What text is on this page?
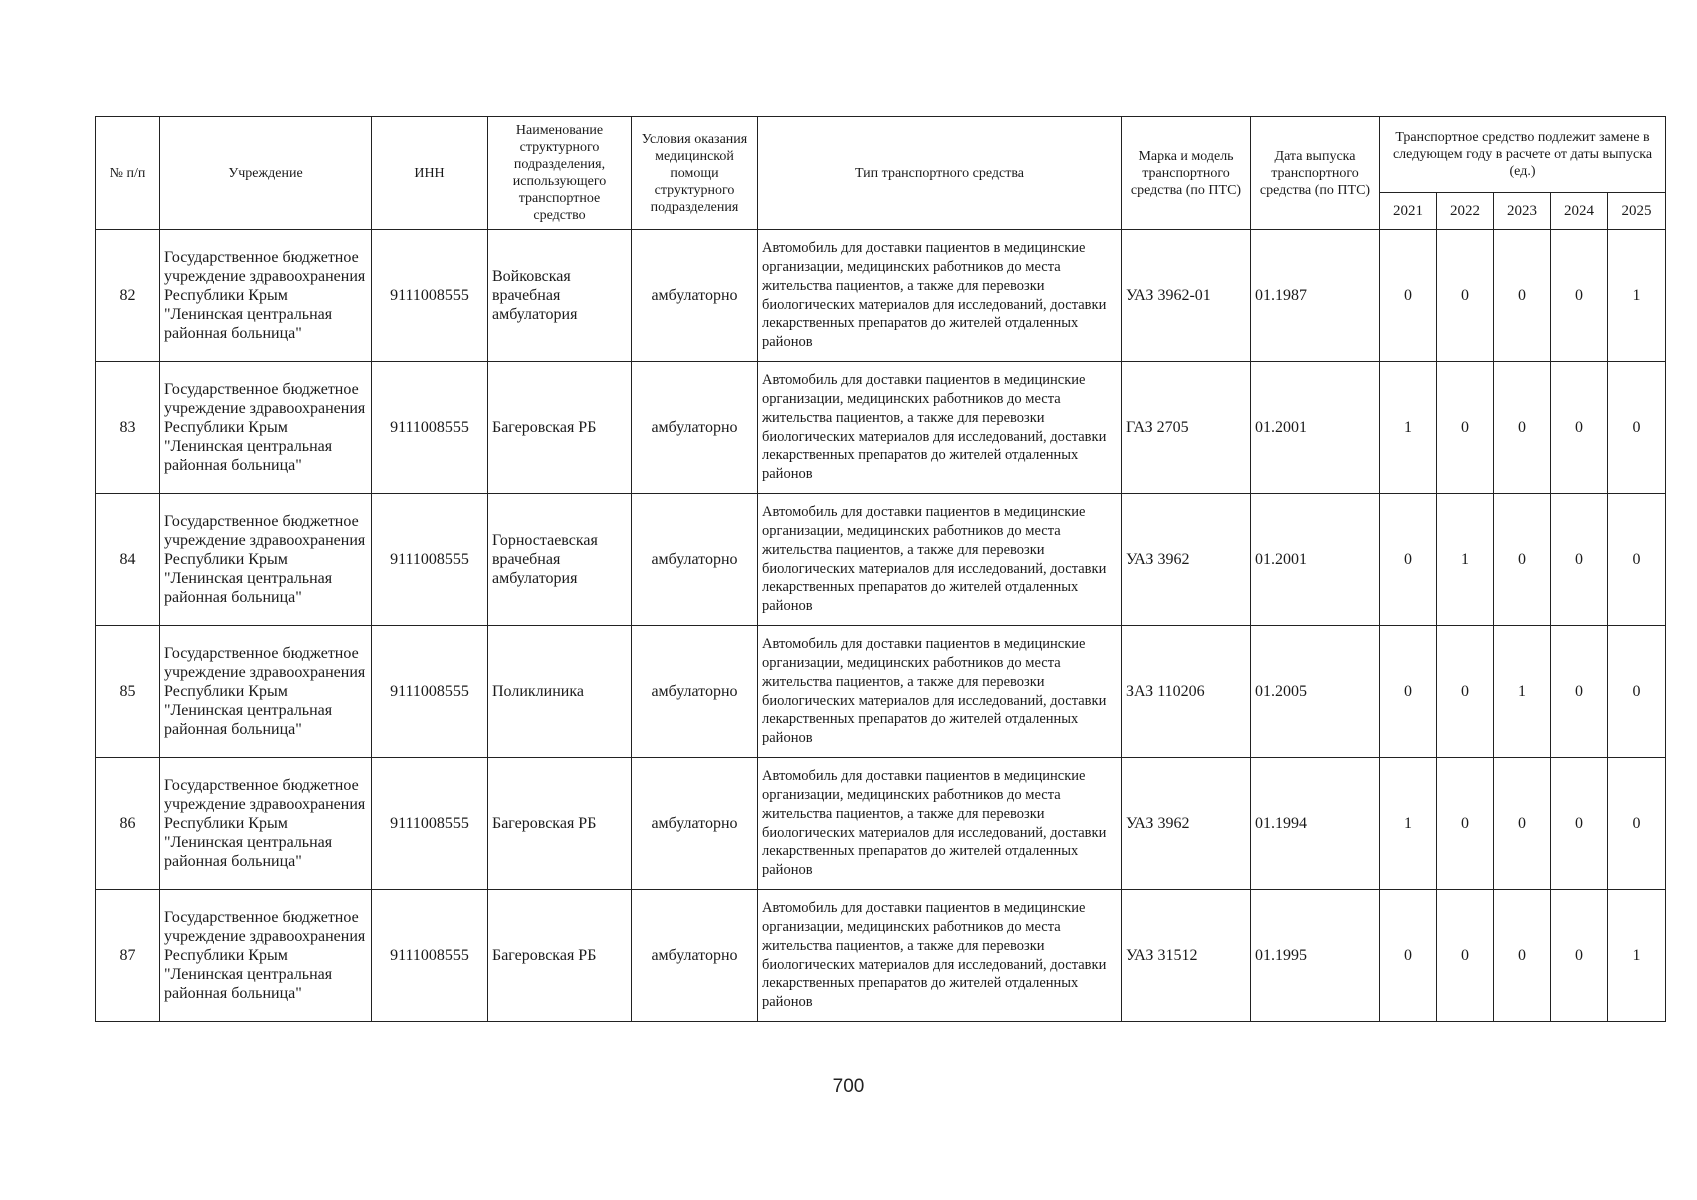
№ п/п	Учреждение	ИНН	Наименование структурного подразделения, использующего транспортное средство	Условия оказания медицинской помощи структурного подразделения	Тип транспортного средства	Марка и модель транспортного средства (по ПТС)	Дата выпуска транспортного средства (по ПТС)	Транспортное средство подлежит замене в следующем году в расчете от даты выпуска (ед.)				
								2021	2022	2023	2024	2025
82	Государственное бюджетное учреждение здравоохранения Республики Крым "Ленинская центральная районная больница"	9111008555	Войковская врачебная амбулатория	амбулаторно	Автомобиль для доставки пациентов в медицинские организации, медицинских работников до места жительства пациентов, а также для перевозки биологических материалов для исследований, доставки лекарственных препаратов до жителей отдаленных районов	УАЗ 3962-01	01.1987	0	0	0	0	1
83	Государственное бюджетное учреждение здравоохранения Республики Крым "Ленинская центральная районная больница"	9111008555	Багеровская РБ	амбулаторно	Автомобиль для доставки пациентов в медицинские организации, медицинских работников до места жительства пациентов, а также для перевозки биологических материалов для исследований, доставки лекарственных препаратов до жителей отдаленных районов	ГАЗ 2705	01.2001	1	0	0	0	0
84	Государственное бюджетное учреждение здравоохранения Республики Крым "Ленинская центральная районная больница"	9111008555	Горностаевская врачебная амбулатория	амбулаторно	Автомобиль для доставки пациентов в медицинские организации, медицинских работников до места жительства пациентов, а также для перевозки биологических материалов для исследований, доставки лекарственных препаратов до жителей отдаленных районов	УАЗ 3962	01.2001	0	1	0	0	0
85	Государственное бюджетное учреждение здравоохранения Республики Крым "Ленинская центральная районная больница"	9111008555	Поликлиника	амбулаторно	Автомобиль для доставки пациентов в медицинские организации, медицинских работников до места жительства пациентов, а также для перевозки биологических материалов для исследований, доставки лекарственных препаратов до жителей отдаленных районов	ЗАЗ 110206	01.2005	0	0	1	0	0
86	Государственное бюджетное учреждение здравоохранения Республики Крым "Ленинская центральная районная больница"	9111008555	Багеровская РБ	амбулаторно	Автомобиль для доставки пациентов в медицинские организации, медицинских работников до места жительства пациентов, а также для перевозки биологических материалов для исследований, доставки лекарственных препаратов до жителей отдаленных районов	УАЗ 3962	01.1994	1	0	0	0	0
87	Государственное бюджетное учреждение здравоохранения Республики Крым "Ленинская центральная районная больница"	9111008555	Багеровская РБ	амбулаторно	Автомобиль для доставки пациентов в медицинские организации, медицинских работников до места жительства пациентов, а также для перевозки биологических материалов для исследований, доставки лекарственных препаратов до жителей отдаленных районов	УАЗ 31512	01.1995	0	0	0	0	1
700
